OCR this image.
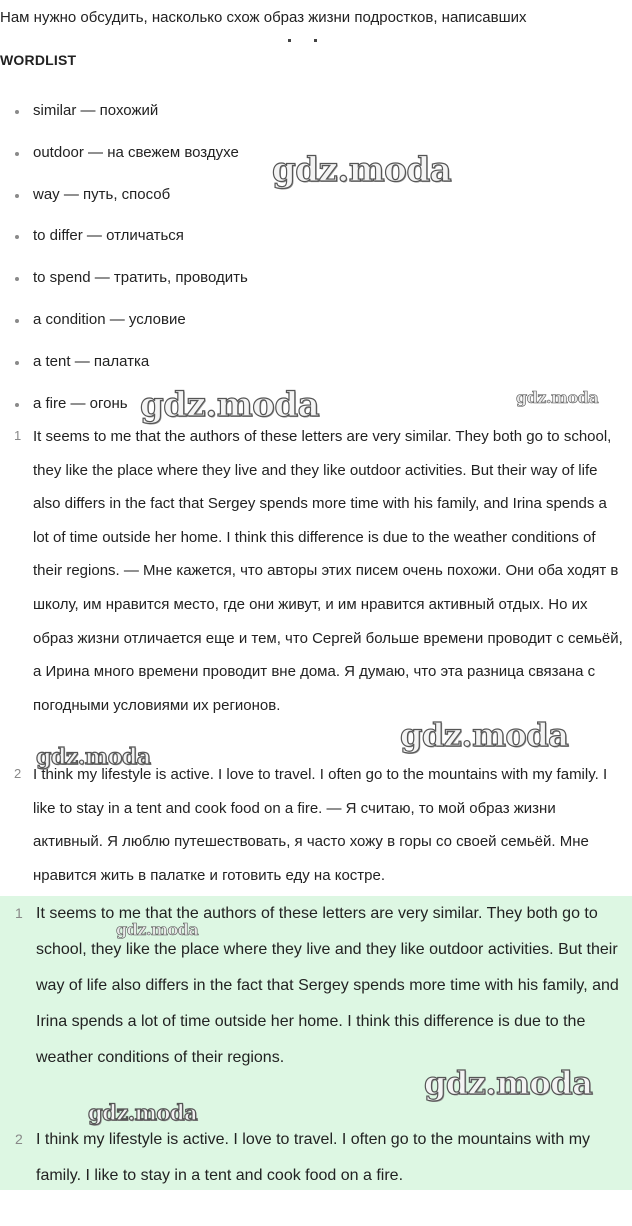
Нам нужно обсудить, насколько схож образ жизни подростков, написавших
WORDLIST
similar — похожий
outdoor — на свежем воздухе
way — путь, способ
to differ — отличаться
to spend — тратить, проводить
a condition — условие
a tent — палатка
a fire — огонь
1 It seems to me that the authors of these letters are very similar. They both go to school, they like the place where they live and they like outdoor activities. But their way of life also differs in the fact that Sergey spends more time with his family, and Irina spends a lot of time outside her home. I think this difference is due to the weather conditions of their regions. — Мне кажется, что авторы этих писем очень похожи. Они оба ходят в школу, им нравится место, где они живут, и им нравится активный отдых. Но их образ жизни отличается еще и тем, что Сергей больше времени проводит с семьёй, а Ирина много времени проводит вне дома. Я думаю, что эта разница связана с погодными условиями их регионов.
2 I think my lifestyle is active. I love to travel. I often go to the mountains with my family. I like to stay in a tent and cook food on a fire. — Я считаю, то мой образ жизни активный. Я люблю путешествовать, я часто хожу в горы со своей семьёй. Мне нравится жить в палатке и готовить еду на костре.
1 It seems to me that the authors of these letters are very similar. They both go to school, they like the place where they live and they like outdoor activities. But their way of life also differs in the fact that Sergey spends more time with his family, and Irina spends a lot of time outside her home. I think this difference is due to the weather conditions of their regions.
2 I think my lifestyle is active. I love to travel. I often go to the mountains with my family. I like to stay in a tent and cook food on a fire.
gdz.moda
gdz.moda	gdz.moda
gdz.moda
gdz.moda
gdz.moda
gdz.moda
gdz.moda
